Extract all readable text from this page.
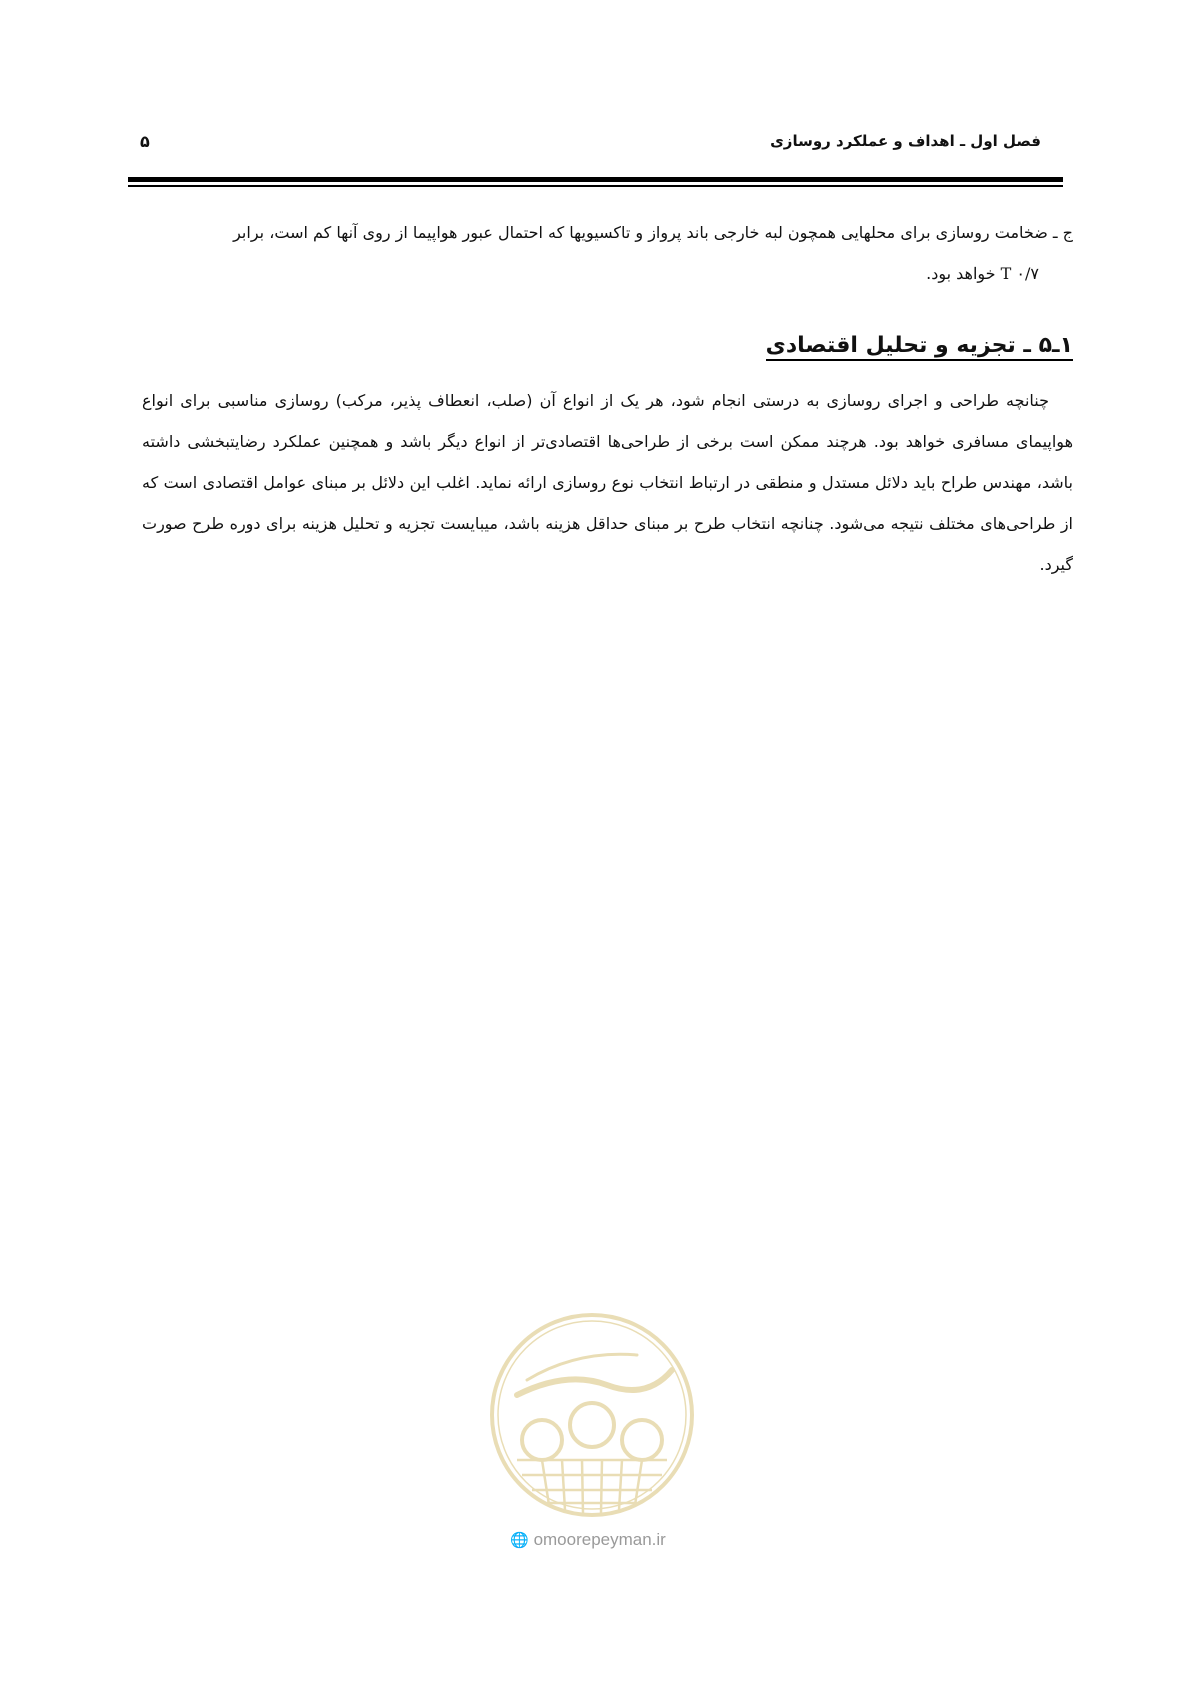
فصل اول ـ اهداف و عملکرد روسازی
۵

ج ـ ضخامت روسازی برای محلهایی همچون لبه خارجی باند پرواز و تاکسیویها که احتمال عبور هواپیما از روی آنها کم است، برابر
۰/۷ T خواهد بود.

۱ـ۵ ـ تجزیه و تحلیل اقتصادی

چنانچه طراحی و اجرای روسازی به درستی انجام شود، هر یک از انواع آن (صلب، انعطاف پذیر، مرکب) روسازی مناسبی برای انواع هواپیمای مسافری خواهد بود. هرچند ممکن است برخی از طراحی‌ها اقتصادی‌تر از انواع دیگر باشد و همچنین عملکرد رضایتبخشی داشته باشد، مهندس طراح باید دلائل مستدل و منطقی در ارتباط انتخاب نوع روسازی ارائه نماید. اغلب این دلائل بر مبنای عوامل اقتصادی است که از طراحی‌های مختلف نتیجه می‌شود. چنانچه انتخاب طرح بر مبنای حداقل هزینه باشد، میبایست تجزیه و تحلیل هزینه برای دوره طرح صورت گیرد.

🌐 omoorepeyman.ir
